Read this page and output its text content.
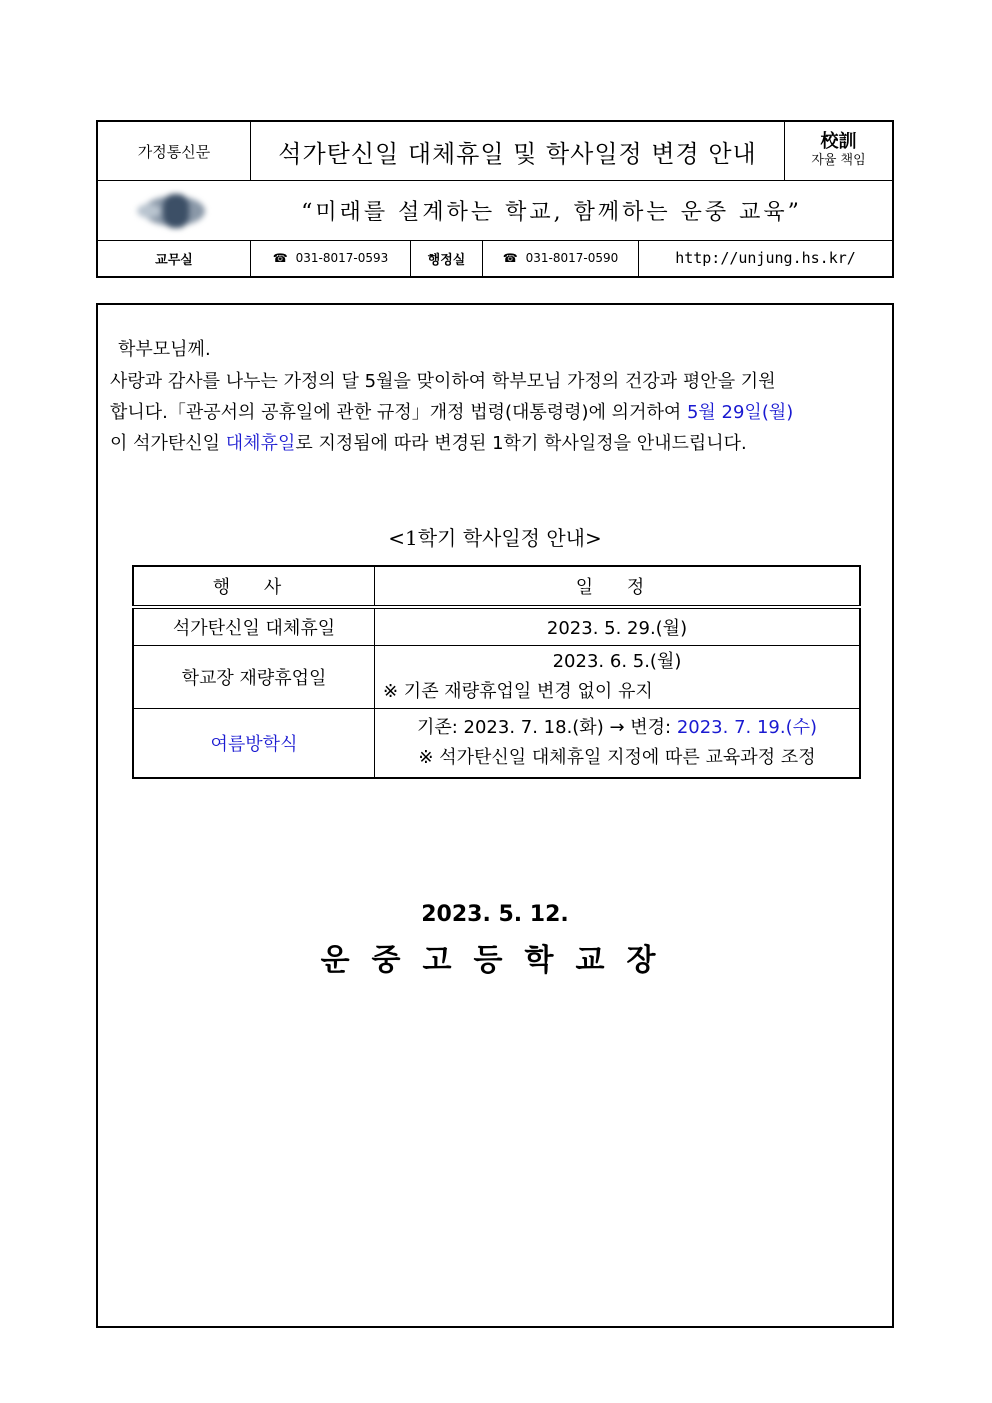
가정통신문	석가탄신일 대체휴일 및 학사일정 변경 안내	校訓
자율 책임
“미래를 설계하는 학교, 함께하는 운중 교육”
교무실	☎ 031-8017-0593	행정실	☎ 031-8017-0590	http://unjung.hs.kr/
학부모님께.
사랑과 감사를 나누는 가정의 달 5월을 맞이하여 학부모님 가정의 건강과 평안을 기원
합니다.「관공서의 공휴일에 관한 규정」개정 법령(대통령령)에 의거하여 5월 29일(월)
이 석가탄신일 대체휴일로 지정됨에 따라 변경된 1학기 학사일정을 안내드립니다.
<1학기 학사일정 안내>
행 사	일 정
석가탄신일 대체휴일	2023. 5. 29.(월)
학교장 재량휴업일	2023. 6. 5.(월)
※ 기존 재량휴업일 변경 없이 유지

여름방학식	기존: 2023. 7. 18.(화) → 변경: 2023. 7. 19.(수)
※ 석가탄신일 대체휴일 지정에 따른 교육과정 조정
2023. 5. 12.
운중고등학교장
